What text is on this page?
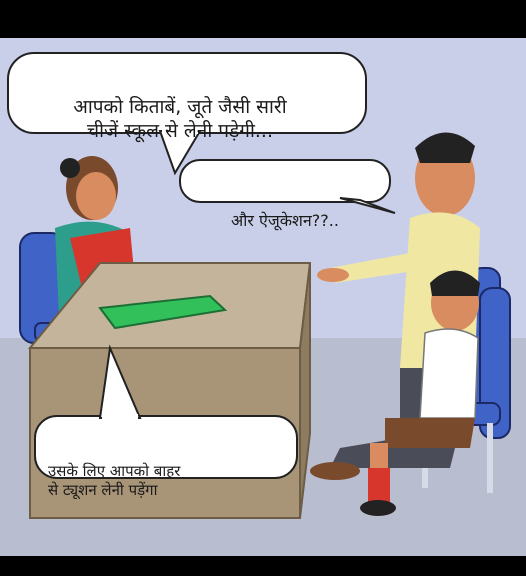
आपको किताबें, जूते जैसी सारी
चीजें स्कूल से लेनी पड़ेगी...
और ऐजूकेशन??..
उसके लिए आपको बाहर
से ट्यूशन लेनी पड़ेंगा
